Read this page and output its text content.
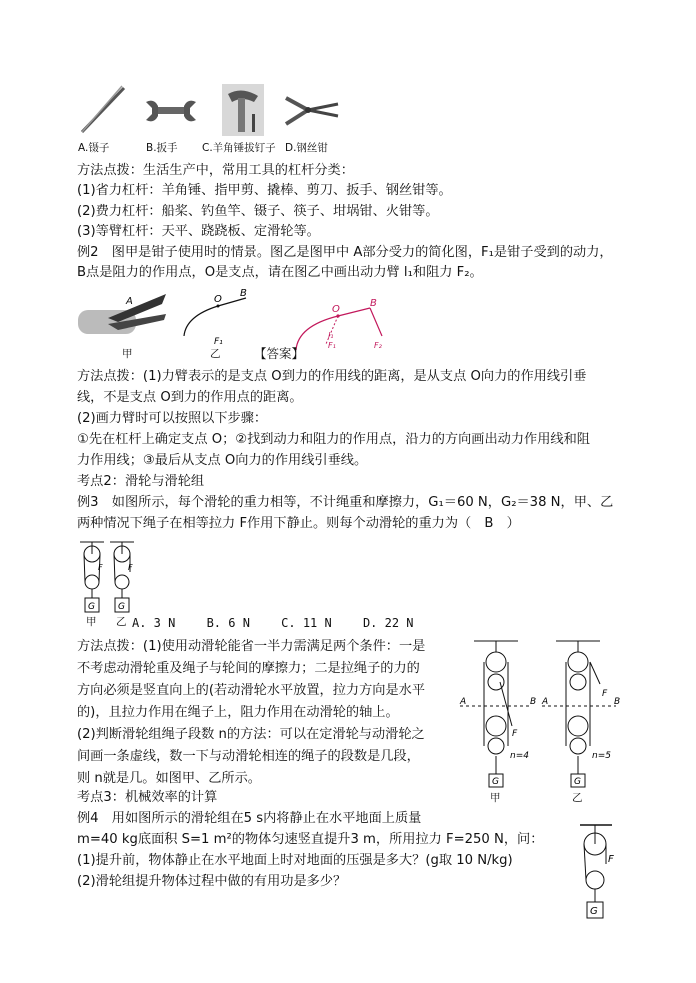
A.镊子	B.扳手 C.羊角锤拔钉子 D.钢丝钳
方法点拨：生活生产中，常用工具的杠杆分类：
(1)省力杠杆：羊角锤、指甲剪、撬棒、剪刀、扳手、钢丝钳等。
(2)费力杠杆：船桨、钓鱼竿、镊子、筷子、坩埚钳、火钳等。
(3)等臂杠杆：天平、跷跷板、定滑轮等。
例2　图甲是钳子使用时的情景。图乙是图甲中 A部分受力的简化图，F₁是钳子受到的动力，
B点是阻力的作用点，O是支点，请在图乙中画出动力臂 l₁和阻力 F₂。
A
甲
O
B
F₁
乙
O
B
l₁
F₁	F₂
【答案】
方法点拨：(1)力臂表示的是支点 O到力的作用线的距离，是从支点 O向力的作用线引垂
线，不是支点 O到力的作用点的距离。
(2)画力臂时可以按照以下步骤：
①先在杠杆上确定支点 O；②找到动力和阻力的作用点，沿力的方向画出动力作用线和阻
力作用线；③最后从支点 O向力的作用线引垂线。
考点2：滑轮与滑轮组
例3　如图所示，每个滑轮的重力相等，不计绳重和摩擦力，G₁＝60 N，G₂＝38 N，甲、乙
两种情况下绳子在相等拉力 F作用下静止。则每个动滑轮的重力为（　B　）
G
F
G
F
甲 乙 A. 3 N　　 B. 6 N　　 C. 11 N　　 D. 22 N
方法点拨：(1)使用动滑轮能省一半力需满足两个条件：一是
不考虑动滑轮重及绳子与轮间的摩擦力；二是拉绳子的力的
方向必须是竖直向上的(若动滑轮水平放置，拉力方向是水平
的)，且拉力作用在绳子上，阻力作用在动滑轮的轴上。
(2)判断滑轮组绳子段数 n的方法：可以在定滑轮与动滑轮之
间画一条虚线，数一下与动滑轮相连的绳子的段数是几段，
则 n就是几。如图甲、乙所示。
A	B
F
n=4
G
A	B
F
n=5
G
甲	乙
考点3：机械效率的计算
例4　用如图所示的滑轮组在5 s内将静止在水平地面上质量
m=40 kg底面积 S=1 m²的物体匀速竖直提升3 m，所用拉力 F=250 N，问：
(1)提升前，物体静止在水平地面上时对地面的压强是多大？(g取 10 N/kg)
(2)滑轮组提升物体过程中做的有用功是多少？
G
F
